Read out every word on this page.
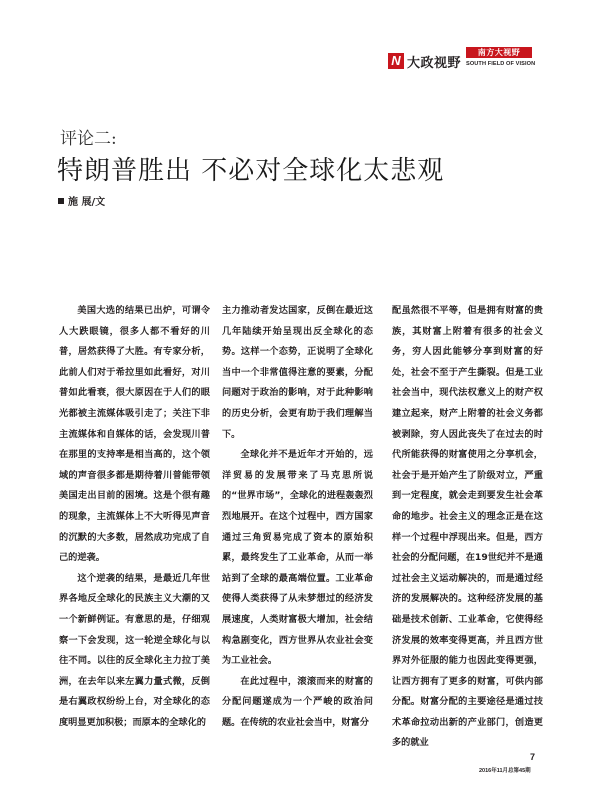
N 大政视野
南方大视野
SOUTH FIELD OF VISION
评论二:
特朗普胜出 不必对全球化太悲观
施 展/文

美国大选的结果已出炉，可谓令人大跌眼镜，很多人都不看好的川普，居然获得了大胜。有专家分析，此前人们对于希拉里如此看好，对川普如此看衰，很大原因在于人们的眼光都被主流媒体吸引走了；关注下非主流媒体和自媒体的话，会发现川普在那里的支持率是相当高的，这个领域的声音很多都是期待着川普能带领美国走出目前的困境。这是个很有趣的现象，主流媒体上不大听得见声音的沉默的大多数，居然成功完成了自己的逆袭。

这个逆袭的结果，是最近几年世界各地反全球化的民族主义大潮的又一个新鲜例证。有意思的是，仔细观察一下会发现，这一轮逆全球化与以往不同。以往的反全球化主力拉丁美洲，在去年以来左翼力量式微，反倒是右翼政权纷纷上台，对全球化的态度明显更加积极；而原本的全球化的

主力推动者发达国家，反倒在最近这几年陆续开始呈现出反全球化的态势。这样一个态势，正说明了全球化当中一个非常值得注意的要素，分配问题对于政治的影响，对于此种影响的历史分析，会更有助于我们理解当下。

全球化并不是近年才开始的，远洋贸易的发展带来了马克思所说的“世界市场”，全球化的进程轰轰烈烈地展开。在这个过程中，西方国家通过三角贸易完成了资本的原始积累，最终发生了工业革命，从而一举站到了全球的最高端位置。工业革命使得人类获得了从未梦想过的经济发展速度，人类财富极大增加，社会结构急剧变化，西方世界从农业社会变为工业社会。

在此过程中，滚滚而来的财富的分配问题遂成为一个严峻的政治问题。在传统的农业社会当中，财富分

配虽然很不平等，但是拥有财富的贵族，其财富上附着有很多的社会义务，穷人因此能够分享到财富的好处，社会不至于产生撕裂。但是工业社会当中，现代法权意义上的财产权建立起来，财产上附着的社会义务都被剥除，穷人因此丧失了在过去的时代所能获得的财富使用之分享机会，社会于是开始产生了阶级对立，严重到一定程度，就会走到要发生社会革命的地步。社会主义的理念正是在这样一个过程中浮现出来。但是，西方社会的分配问题，在19世纪并不是通过社会主义运动解决的，而是通过经济的发展解决的。这种经济发展的基础是技术创新、工业革命，它使得经济发展的效率变得更高，并且西方世界对外征服的能力也因此变得更强，让西方拥有了更多的财富，可供内部分配。财富分配的主要途径是通过技术革命拉动出新的产业部门，创造更多的就业

7
2016年11月总第45期
